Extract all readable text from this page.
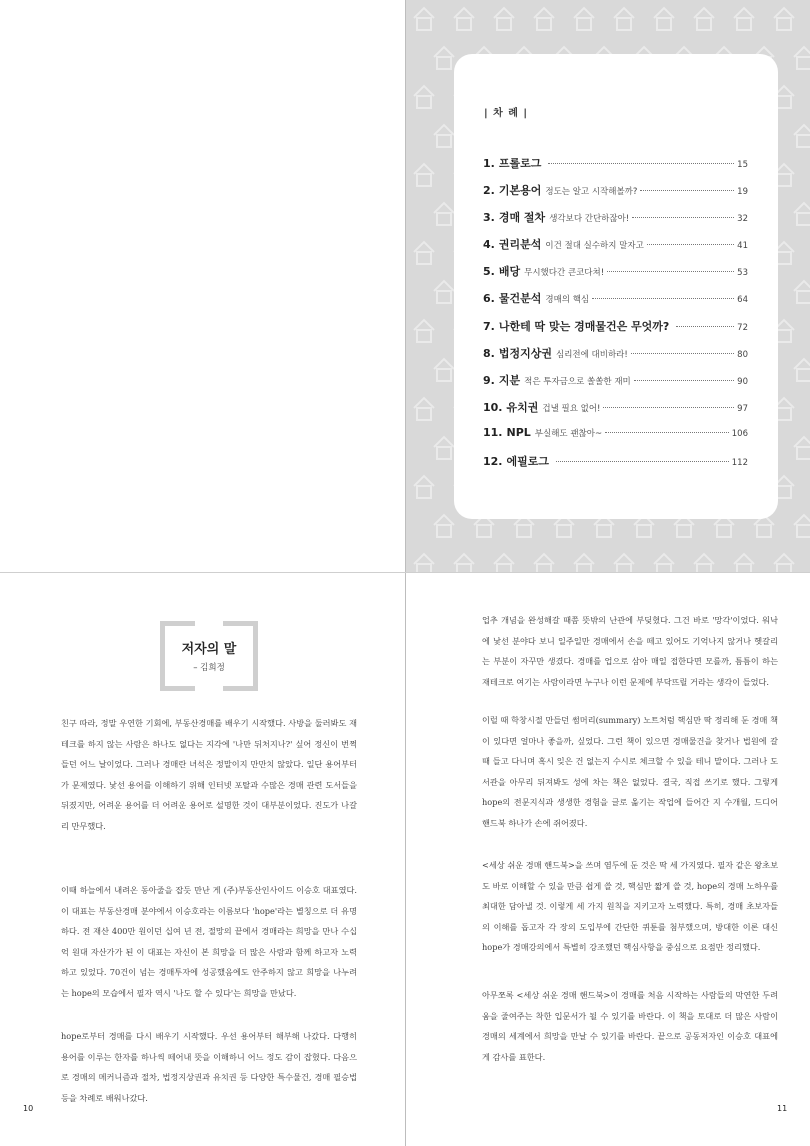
| 차 례 |
1. 프롤로그	15
2. 기본용어 정도는 알고 시작해볼까?	19
3. 경매 절차 생각보다 간단하잖아!	32
4. 권리분석 이건 절대 실수하지 말자고	41
5. 배당 무시했다간 큰코다쳐!	53
6. 물건분석 경매의 핵심	64
7. 나한테 딱 맞는 경매물건은 무엇까?	72
8. 법정지상권 심리전에 대비하라!	80
9. 지분 적은 투자금으로 쏠쏠한 재미	90
10. 유치권 겁낼 필요 없어!	97
11. NPL 부실해도 괜찮아~	106
12. 에필로그	112
저자의 말
– 김희정

친구 따라, 정말 우연한 기회에, 부동산경매를 배우기 시작했다. 사방을 둘러봐도 재테크를 하지 않는 사람은 하나도 없다는 지각에 '나만 뒤처지나?' 싶어 정신이 번쩍 들던 어느 날이었다. 그러나 경매란 녀석은 정말이지 만만치 않았다. 일단 용어부터가 문제였다. 낯선 용어를 이해하기 위해 인터넷 포탈과 수많은 경매 관련 도서들을 뒤졌지만, 어려운 용어를 더 어려운 용어로 설명한 것이 대부분이었다. 진도가 나갈리 만무했다.

이때 하늘에서 내려온 동아줄을 잡듯 만난 게 (주)부동산인사이드 이승호 대표였다. 이 대표는 부동산경매 분야에서 이승호라는 이름보다 'hope'라는 별칭으로 더 유명하다. 전 재산 400만 원이던 십여 년 전, 절망의 끝에서 경매라는 희망을 만나 수십억 원대 자산가가 된 이 대표는 자신이 본 희망을 더 많은 사람과 함께 하고자 노력하고 있었다. 70건이 넘는 경매투자에 성공했음에도 안주하지 않고 희망을 나누려는 hope의 모습에서 필자 역시 '나도 할 수 있다'는 희망을 만났다.

hope로부터 경매를 다시 배우기 시작했다. 우선 용어부터 해부해 나갔다. 다행히 용어를 이루는 한자를 하나씩 떼어내 뜻을 이해하니 어느 정도 감이 잡혔다. 다음으로 경매의 메커니즘과 절차, 법정지상권과 유치권 등 다양한 특수물건, 경매 필승법 등을 차례로 배워나갔다.

10

업추 개념을 완성해갈 때쯤 뜻밖의 난관에 부딪혔다. 그건 바로 '망각'이었다. 워낙에 낯선 분야다 보니 일주일만 경매에서 손을 떼고 있어도 기억나지 않거나 헷갈리는 부분이 자꾸만 생겼다. 경매를 업으로 삼아 매일 접한다면 모를까, 틈틈이 하는 재테크로 여기는 사람이라면 누구나 이런 문제에 부닥뜨릴 거라는 생각이 들었다.

이럴 때 학창시절 만들던 썸머리(summary) 노트처럼 핵심만 딱 정리해 둔 경매 책이 있다면 얼마나 좋을까, 싶었다. 그런 책이 있으면 경매물건을 찾거나 법원에 갈 때 들고 다니며 혹시 잊은 건 없는지 수시로 체크할 수 있을 테니 말이다. 그러나 도서관을 아무리 뒤져봐도 성에 차는 책은 없었다. 결국, 직접 쓰기로 했다. 그렇게 hope의 전문지식과 생생한 경험을 글로 옮기는 작업에 들어간 지 수개월, 드디어 핸드북 하나가 손에 쥐어졌다.

<세상 쉬운 경매 핸드북>을 쓰며 염두에 둔 것은 딱 세 가지였다. 필자 같은 왕초보도 바로 이해할 수 있을 만큼 쉽게 쓸 것, 핵심만 짧게 쓸 것, hope의 경매 노하우를 최대한 담아낼 것. 이렇게 세 가지 원칙을 지키고자 노력했다. 특히, 경매 초보자들의 이해를 돕고자 각 장의 도입부에 간단한 퀴툰를 첨부했으며, 방대한 이론 대신 hope가 경매강의에서 특별히 강조했던 핵심사항을 중심으로 요점만 정리했다.

아무쪼록 <세상 쉬운 경매 핸드북>이 경매를 처음 시작하는 사람들의 막연한 두려움을 줄여주는 착한 입문서가 될 수 있기를 바란다. 이 책을 토대로 더 많은 사람이 경매의 세계에서 희망을 만날 수 있기를 바란다. 끝으로 공동저자인 이승호 대표에게 감사를 표한다.

11
